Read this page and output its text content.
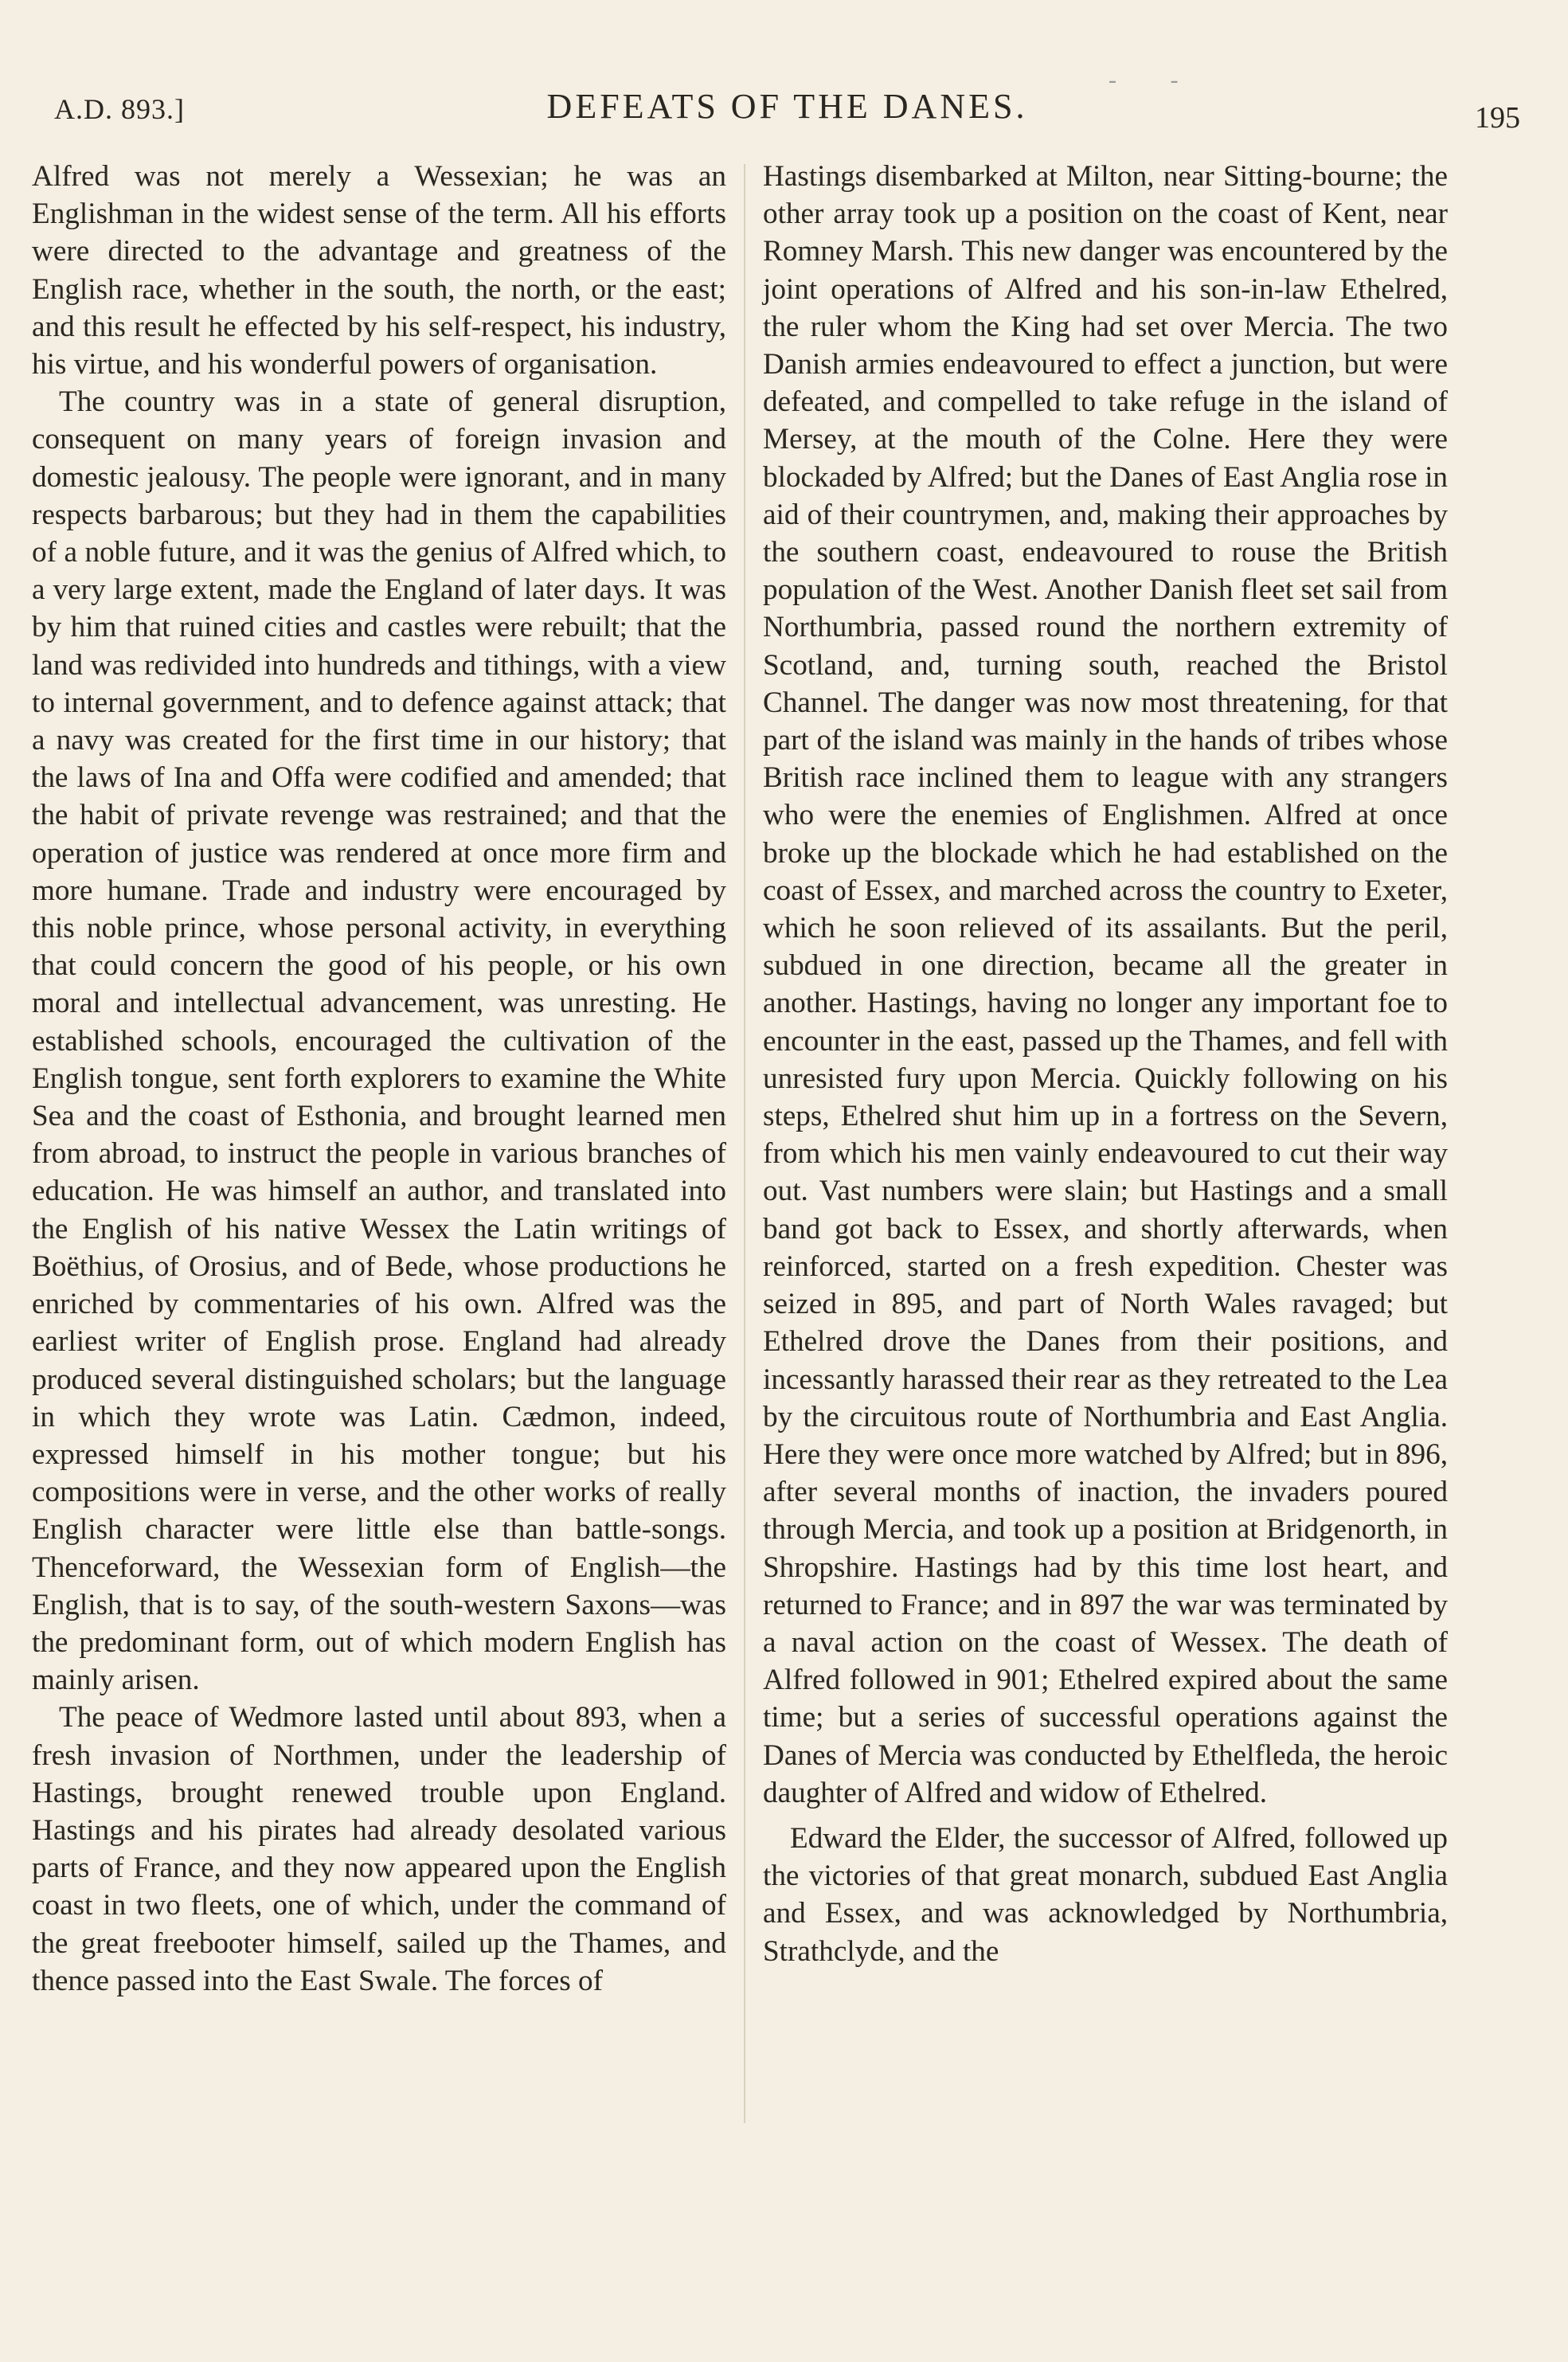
- -
A.D. 893.]	DEFEATS OF THE DANES.	195

Alfred was not merely a Wessexian; he was an Englishman in the widest sense of the term. All his efforts were directed to the advantage and greatness of the English race, whether in the south, the north, or the east; and this result he effected by his self-respect, his industry, his virtue, and his wonderful powers of organisation.

The country was in a state of general disruption, consequent on many years of foreign invasion and domestic jealousy. The people were ignorant, and in many respects barbarous; but they had in them the capabilities of a noble future, and it was the genius of Alfred which, to a very large extent, made the England of later days. It was by him that ruined cities and castles were rebuilt; that the land was redivided into hundreds and tithings, with a view to internal government, and to defence against attack; that a navy was created for the first time in our history; that the laws of Ina and Offa were codified and amended; that the habit of private revenge was restrained; and that the operation of justice was rendered at once more firm and more humane. Trade and industry were encouraged by this noble prince, whose personal activity, in everything that could concern the good of his people, or his own moral and intellectual advancement, was unresting. He established schools, encouraged the cultivation of the English tongue, sent forth explorers to examine the White Sea and the coast of Esthonia, and brought learned men from abroad, to instruct the people in various branches of education. He was himself an author, and translated into the English of his native Wessex the Latin writings of Boëthius, of Orosius, and of Bede, whose productions he enriched by commentaries of his own. Alfred was the earliest writer of English prose. England had already produced several distinguished scholars; but the language in which they wrote was Latin. Cædmon, indeed, expressed himself in his mother tongue; but his compositions were in verse, and the other works of really English character were little else than battle-songs. Thenceforward, the Wessexian form of English—the English, that is to say, of the south-western Saxons—was the predominant form, out of which modern English has mainly arisen.

The peace of Wedmore lasted until about 893, when a fresh invasion of Northmen, under the leadership of Hastings, brought renewed trouble upon England. Hastings and his pirates had already desolated various parts of France, and they now appeared upon the English coast in two fleets, one of which, under the command of the great freebooter himself, sailed up the Thames, and thence passed into the East Swale. The forces of

Hastings disembarked at Milton, near Sitting-bourne; the other array took up a position on the coast of Kent, near Romney Marsh. This new danger was encountered by the joint operations of Alfred and his son-in-law Ethelred, the ruler whom the King had set over Mercia. The two Danish armies endeavoured to effect a junction, but were defeated, and compelled to take refuge in the island of Mersey, at the mouth of the Colne. Here they were blockaded by Alfred; but the Danes of East Anglia rose in aid of their countrymen, and, making their approaches by the southern coast, endeavoured to rouse the British population of the West. Another Danish fleet set sail from Northumbria, passed round the northern extremity of Scotland, and, turning south, reached the Bristol Channel. The danger was now most threatening, for that part of the island was mainly in the hands of tribes whose British race inclined them to league with any strangers who were the enemies of Englishmen. Alfred at once broke up the blockade which he had established on the coast of Essex, and marched across the country to Exeter, which he soon relieved of its assailants. But the peril, subdued in one direction, became all the greater in another. Hastings, having no longer any important foe to encounter in the east, passed up the Thames, and fell with unresisted fury upon Mercia. Quickly following on his steps, Ethelred shut him up in a fortress on the Severn, from which his men vainly endeavoured to cut their way out. Vast numbers were slain; but Hastings and a small band got back to Essex, and shortly afterwards, when reinforced, started on a fresh expedition. Chester was seized in 895, and part of North Wales ravaged; but Ethelred drove the Danes from their positions, and incessantly harassed their rear as they retreated to the Lea by the circuitous route of Northumbria and East Anglia. Here they were once more watched by Alfred; but in 896, after several months of inaction, the invaders poured through Mercia, and took up a position at Bridgenorth, in Shropshire. Hastings had by this time lost heart, and returned to France; and in 897 the war was terminated by a naval action on the coast of Wessex. The death of Alfred followed in 901; Ethelred expired about the same time; but a series of successful operations against the Danes of Mercia was conducted by Ethelfleda, the heroic daughter of Alfred and widow of Ethelred.

Edward the Elder, the successor of Alfred, followed up the victories of that great monarch, subdued East Anglia and Essex, and was acknowledged by Northumbria, Strathclyde, and the
